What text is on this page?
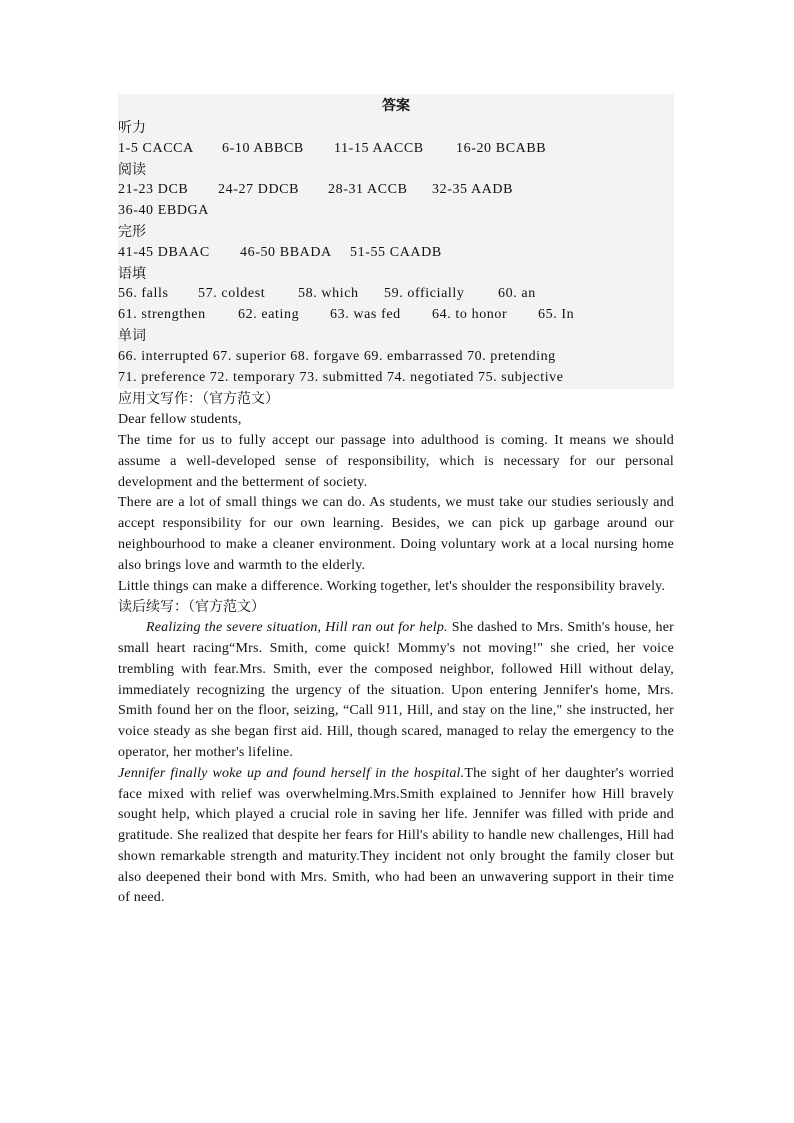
答案
听力
1-5 CACCA 6-10 ABBCB 11-15 AACCB 16-20 BCABB
阅读
21-23 DCB 24-27 DDCB 28-31 ACCB 32-35 AADB
36-40 EBDGA
完形
41-45 DBAAC 46-50 BBADA 51-55 CAADB
语填
56. falls 57. coldest 58. which 59. officially 60. an
61. strengthen 62. eating 63. was fed 64. to honor 65. In
单词
66. interrupted 67. superior 68. forgave 69. embarrassed 70. pretending
71. preference 72. temporary 73. submitted 74. negotiated 75. subjective
应用文写作：（官方范文）

Dear fellow students,

The time for us to fully accept our passage into adulthood is coming. It means we should assume a well-developed sense of responsibility, which is necessary for our personal development and the betterment of society.

There are a lot of small things we can do. As students, we must take our studies seriously and accept responsibility for our own learning. Besides, we can pick up garbage around our neighbourhood to make a cleaner environment. Doing voluntary work at a local nursing home also brings love and warmth to the elderly.

Little things can make a difference. Working together, let's shoulder the responsibility bravely.

读后续写：（官方范文）

Realizing the severe situation, Hill ran out for help. She dashed to Mrs. Smith's house, her small heart racing“Mrs. Smith, come quick! Mommy's not moving!" she cried, her voice trembling with fear.Mrs. Smith, ever the composed neighbor, followed Hill without delay, immediately recognizing the urgency of the situation. Upon entering Jennifer's home, Mrs. Smith found her on the floor, seizing, “Call 911, Hill, and stay on the line," she instructed, her voice steady as she began first aid. Hill, though scared, managed to relay the emergency to the operator, her mother's lifeline.

Jennifer finally woke up and found herself in the hospital.The sight of her daughter's worried face mixed with relief was overwhelming.Mrs.Smith explained to Jennifer how Hill bravely sought help, which played a crucial role in saving her life. Jennifer was filled with pride and gratitude. She realized that despite her fears for Hill's ability to handle new challenges, Hill had shown remarkable strength and maturity.They incident not only brought the family closer but also deepened their bond with Mrs. Smith, who had been an unwavering support in their time of need.
